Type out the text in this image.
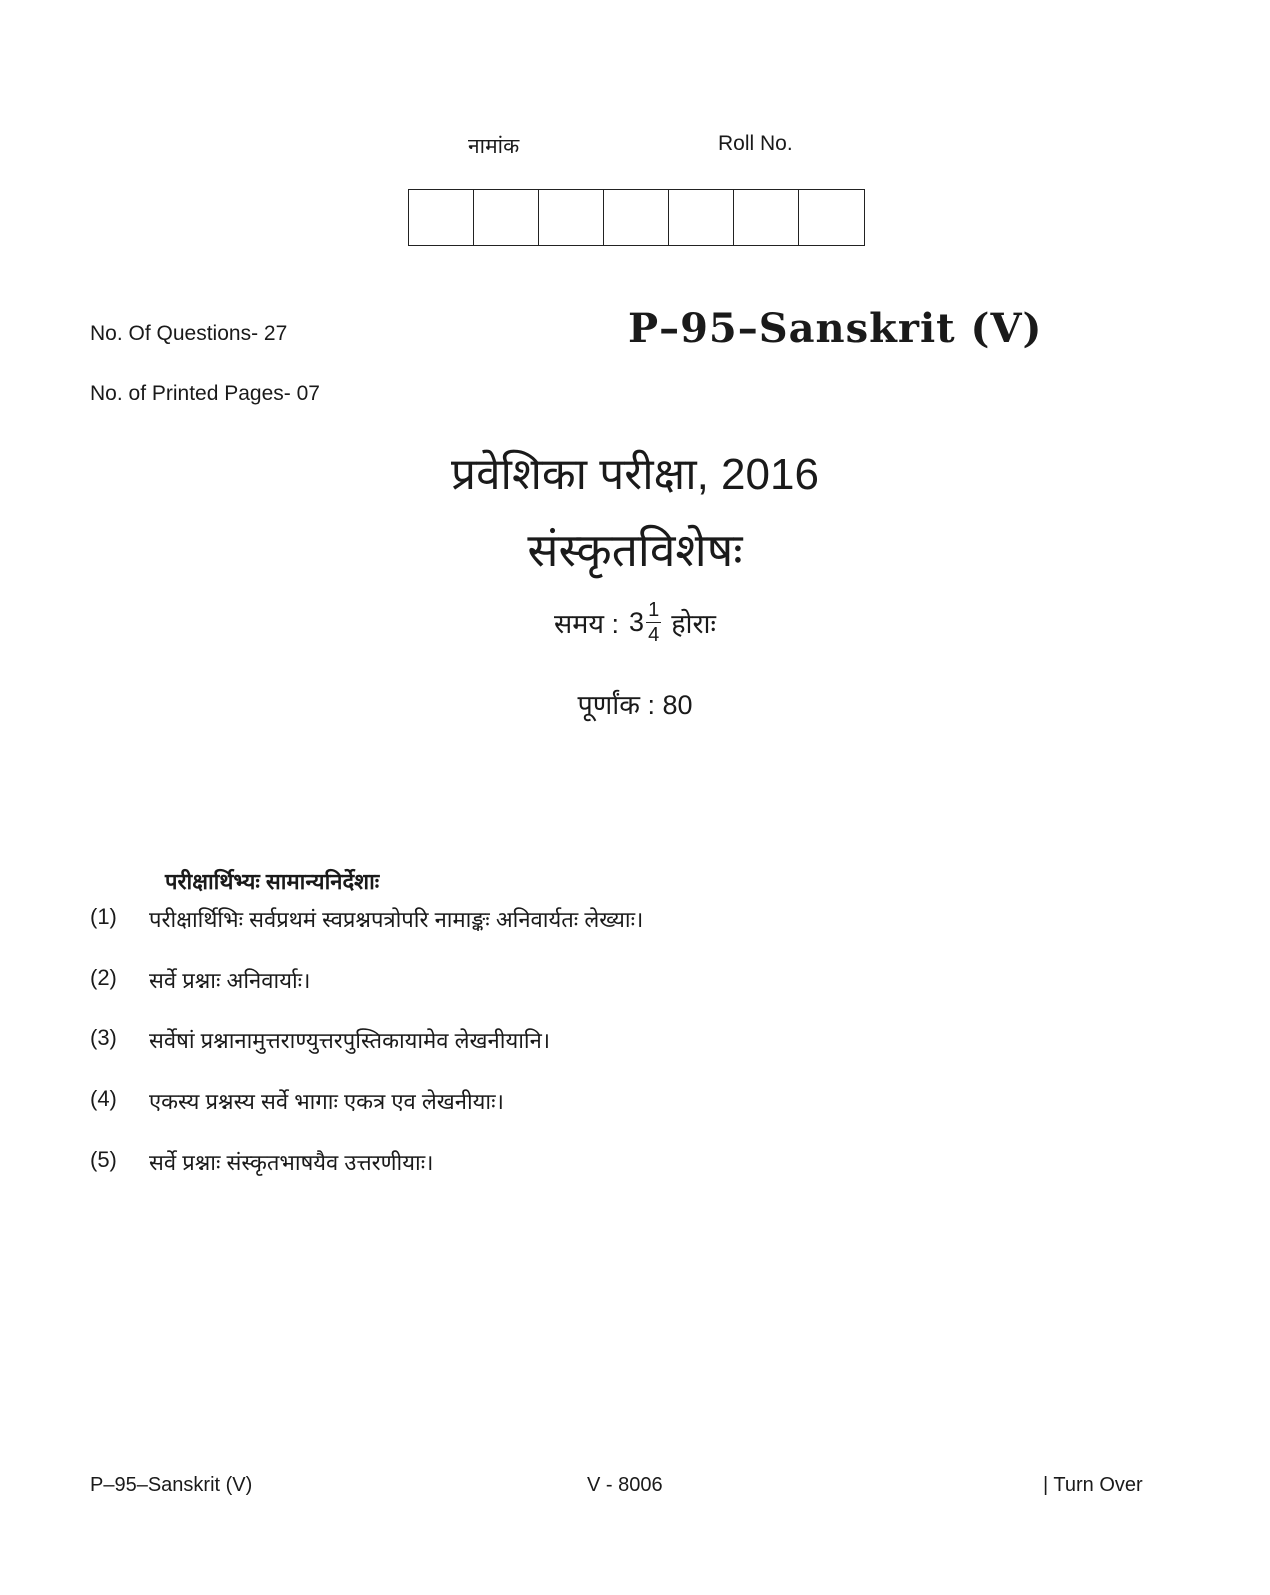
नामांक	Roll No.
No. Of Questions- 27	P–95–Sanskrit (V)
No. of Printed Pages- 07
प्रवेशिका परीक्षा, 2016
संस्कृतविशेषः
समय : $3 \frac{1}{4}$ होराः
पूर्णांक : 80
परीक्षार्थिभ्यः सामान्यनिर्देशाः
(1)	परीक्षार्थिभिः सर्वप्रथमं स्वप्रश्नपत्रोपरि नामाङ्कः अनिवार्यतः लेख्याः।
(2)	सर्वे प्रश्नाः अनिवार्याः।
(3)	सर्वेषां प्रश्नानामुत्तराण्युत्तरपुस्तिकायामेव लेखनीयानि।
(4)	एकस्य प्रश्नस्य सर्वे भागाः एकत्र एव लेखनीयाः।
(5)	सर्वे प्रश्नाः संस्कृतभाषयैव उत्तरणीयाः।
P–95–Sanskrit (V)	V - 8006	| Turn Over
